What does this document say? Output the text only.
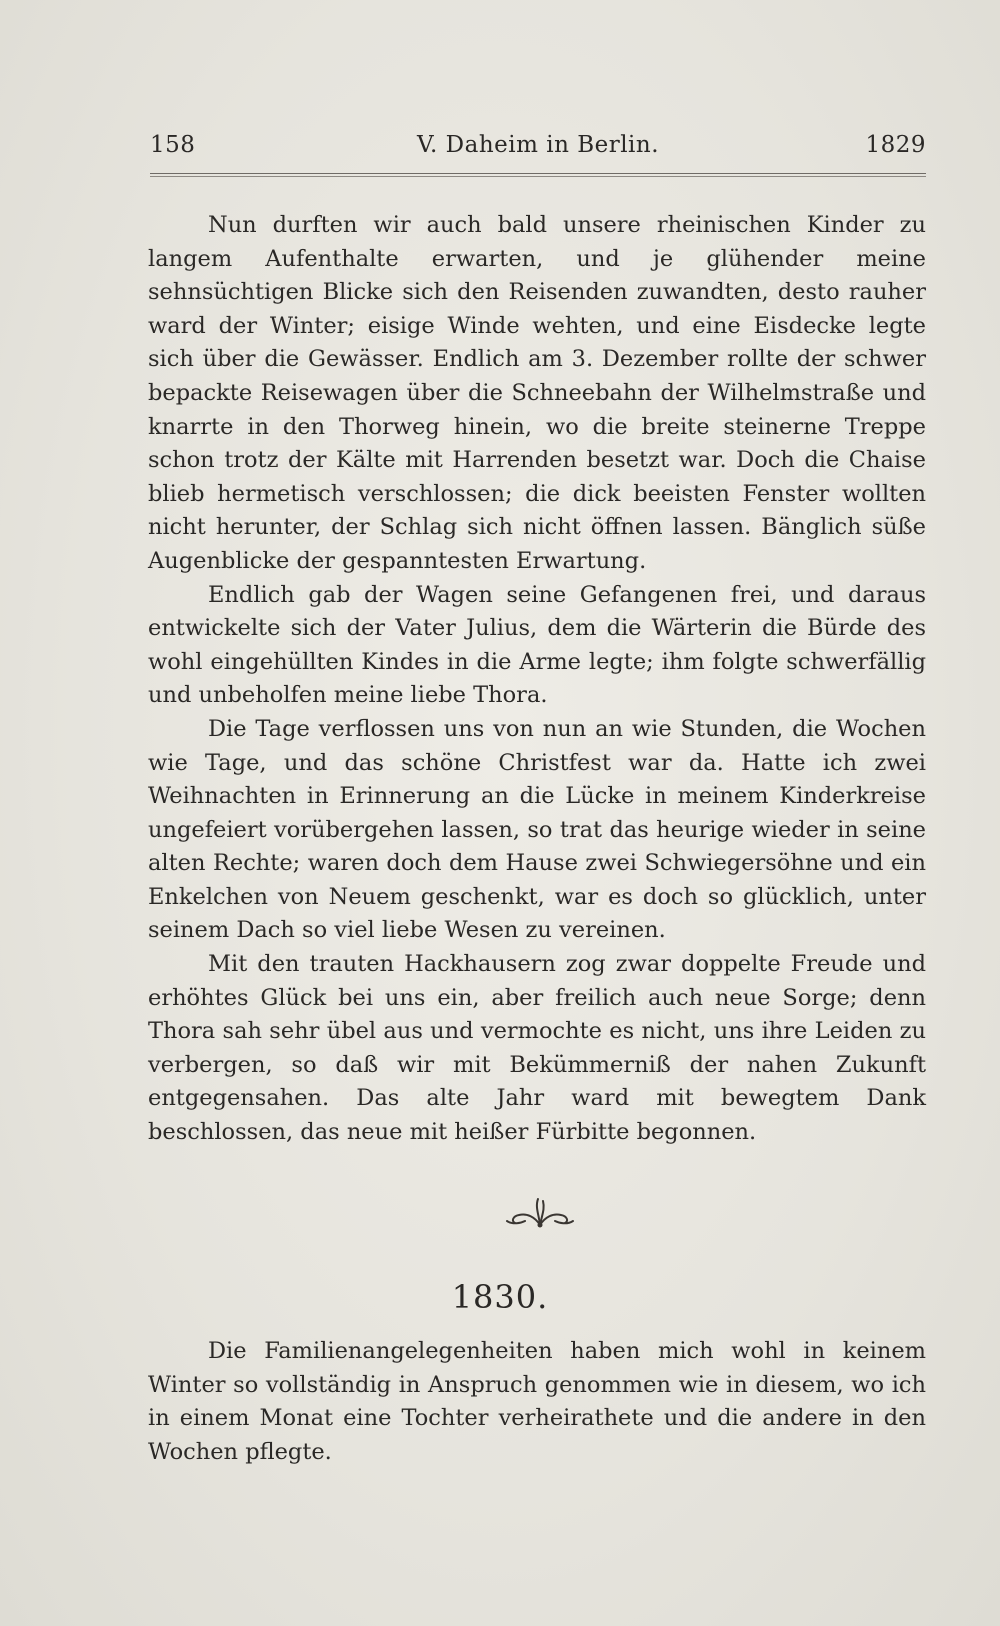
158	V. Daheim in Berlin.	1829

Nun durften wir auch bald unsere rheinischen Kinder zu langem Aufenthalte erwarten, und je glühender meine sehnsüchtigen Blicke sich den Reisenden zuwandten, desto rauher ward der Winter; eisige Winde wehten, und eine Eisdecke legte sich über die Gewässer. Endlich am 3. Dezember rollte der schwer bepackte Reisewagen über die Schneebahn der Wilhelmstraße und knarrte in den Thorweg hinein, wo die breite steinerne Treppe schon trotz der Kälte mit Harrenden besetzt war. Doch die Chaise blieb hermetisch verschlossen; die dick beeisten Fenster wollten nicht herunter, der Schlag sich nicht öffnen lassen. Bänglich süße Augenblicke der gespanntesten Erwartung.

Endlich gab der Wagen seine Gefangenen frei, und daraus entwickelte sich der Vater Julius, dem die Wärterin die Bürde des wohl eingehüllten Kindes in die Arme legte; ihm folgte schwerfällig und unbeholfen meine liebe Thora.

Die Tage verflossen uns von nun an wie Stunden, die Wochen wie Tage, und das schöne Christfest war da. Hatte ich zwei Weihnachten in Erinnerung an die Lücke in meinem Kinderkreise ungefeiert vorübergehen lassen, so trat das heurige wieder in seine alten Rechte; waren doch dem Hause zwei Schwiegersöhne und ein Enkelchen von Neuem geschenkt, war es doch so glücklich, unter seinem Dach so viel liebe Wesen zu vereinen.

Mit den trauten Hackhausern zog zwar doppelte Freude und erhöhtes Glück bei uns ein, aber freilich auch neue Sorge; denn Thora sah sehr übel aus und vermochte es nicht, uns ihre Leiden zu verbergen, so daß wir mit Bekümmerniß der nahen Zukunft entgegensahen. Das alte Jahr ward mit bewegtem Dank beschlossen, das neue mit heißer Fürbitte begonnen.

1830.

Die Familienangelegenheiten haben mich wohl in keinem Winter so vollständig in Anspruch genommen wie in diesem, wo ich in einem Monat eine Tochter verheirathete und die andere in den Wochen pflegte.
